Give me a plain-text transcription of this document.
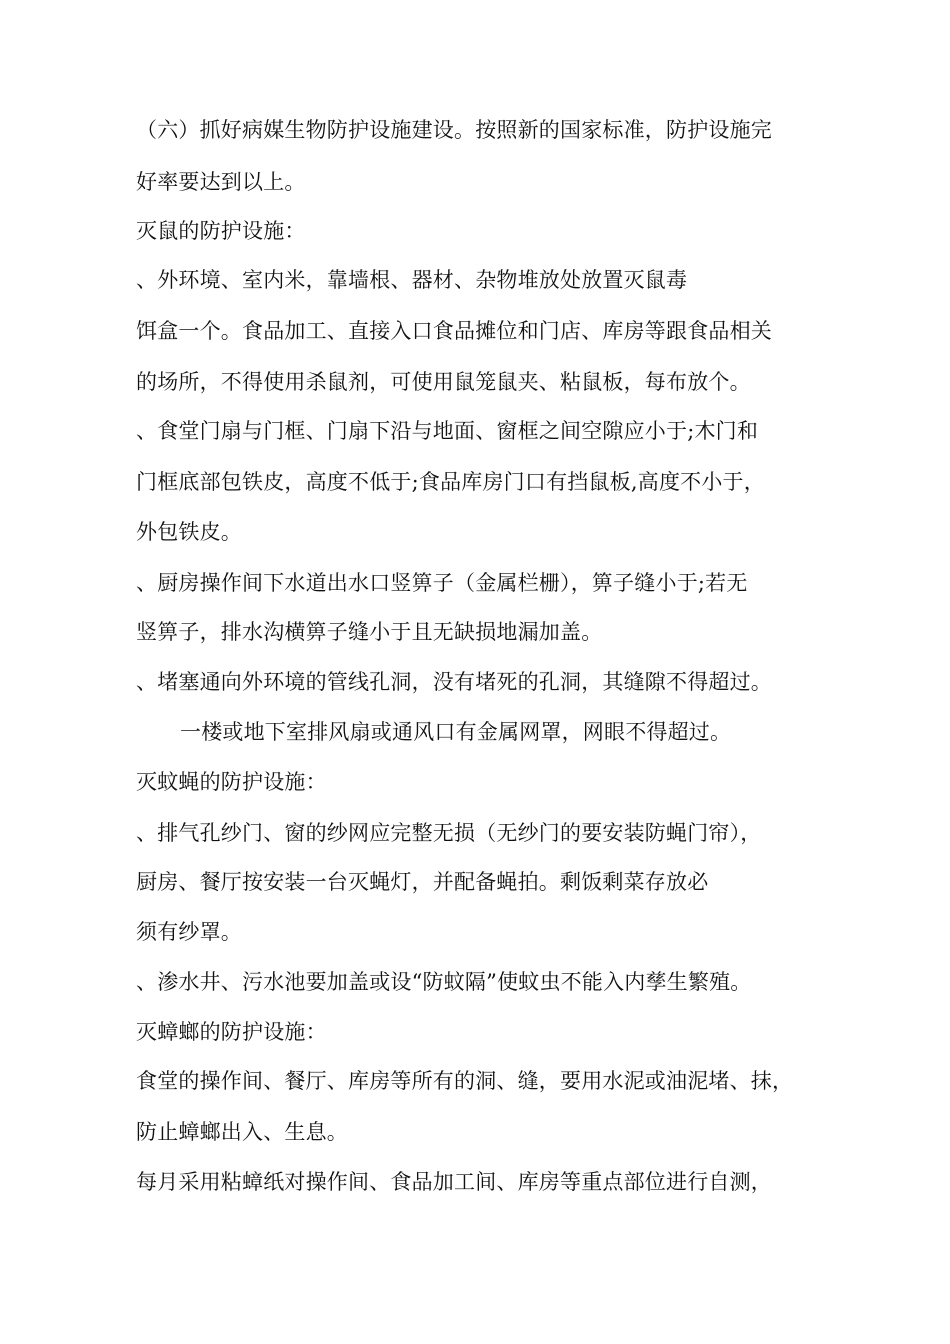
（六）抓好病媒生物防护设施建设。按照新的国家标准，防护设施完
好率要达到以上。
灭鼠的防护设施：
、外环境、室内米，靠墙根、器材、杂物堆放处放置灭鼠毒
饵盒一个。食品加工、直接入口食品摊位和门店、库房等跟食品相关
的场所，不得使用杀鼠剂，可使用鼠笼鼠夹、粘鼠板，每布放个。
、食堂门扇与门框、门扇下沿与地面、窗框之间空隙应小于;木门和
门框底部包铁皮，高度不低于;食品库房门口有挡鼠板,高度不小于，
外包铁皮。
、厨房操作间下水道出水口竖箅子（金属栏栅），箅子缝小于;若无
竖箅子，排水沟横箅子缝小于且无缺损地漏加盖。
、堵塞通向外环境的管线孔洞，没有堵死的孔洞，其缝隙不得超过。
一楼或地下室排风扇或通风口有金属网罩，网眼不得超过。
灭蚊蝇的防护设施：
、排气孔纱门、窗的纱网应完整无损（无纱门的要安装防蝇门帘），
厨房、餐厅按安装一台灭蝇灯，并配备蝇拍。剩饭剩菜存放必
须有纱罩。
、渗水井、污水池要加盖或设“防蚊隔”使蚊虫不能入内孳生繁殖。
灭蟑螂的防护设施：
食堂的操作间、餐厅、库房等所有的洞、缝，要用水泥或油泥堵、抹，
防止蟑螂出入、生息。
每月采用粘蟑纸对操作间、食品加工间、库房等重点部位进行自测，
